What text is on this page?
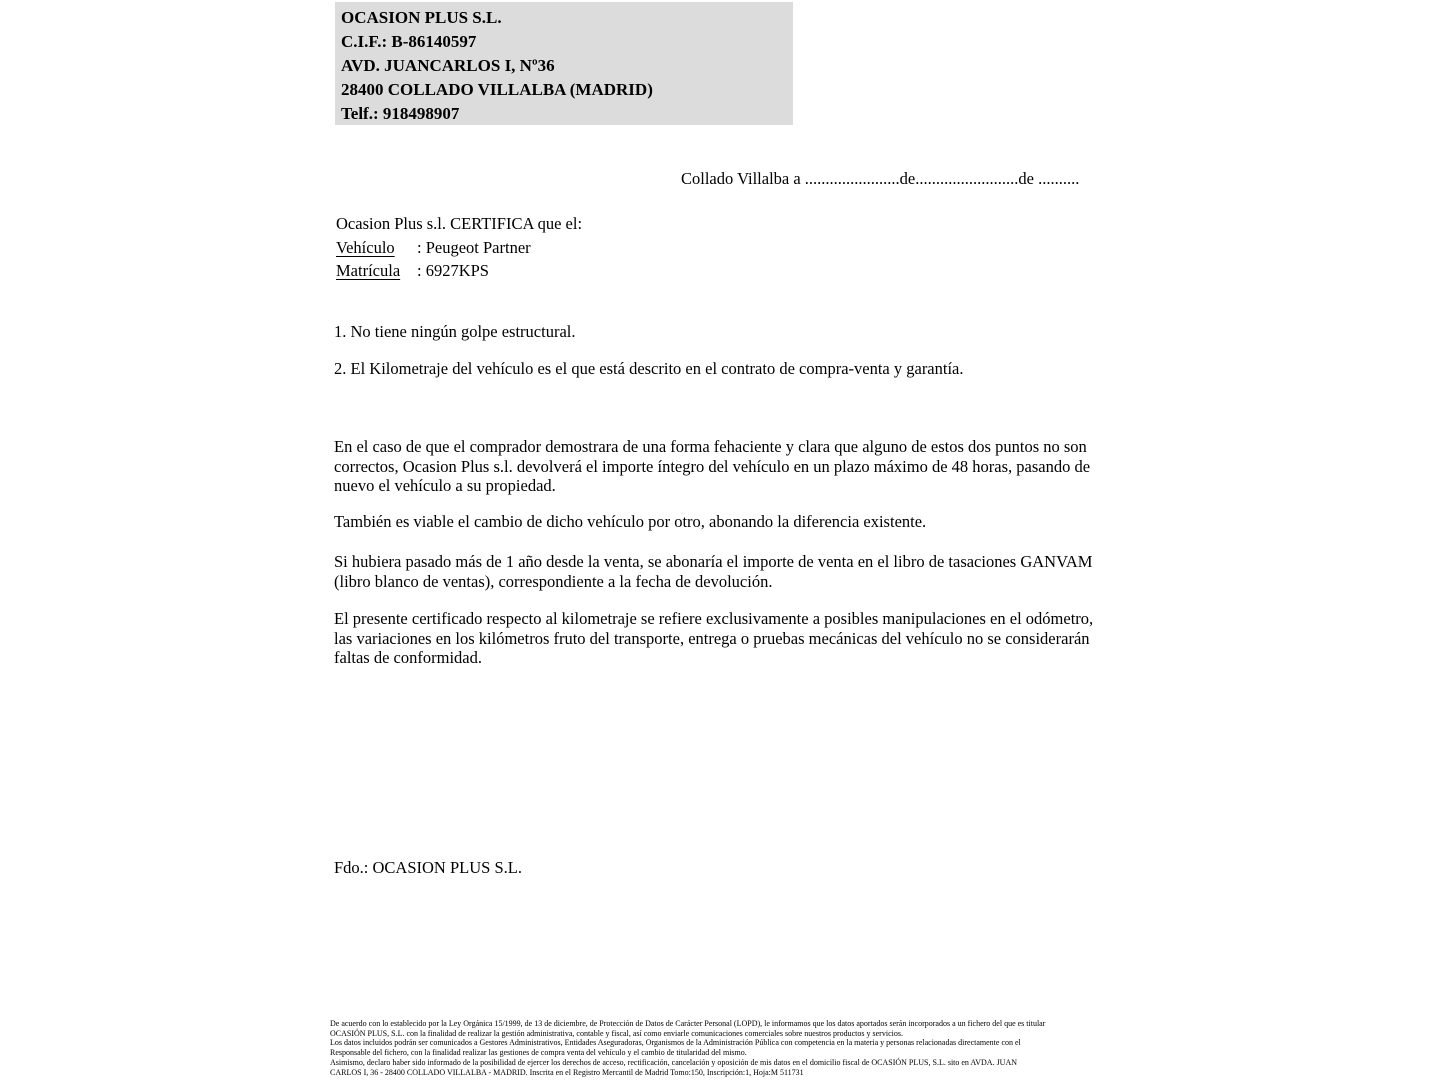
OCASION PLUS S.L.
C.I.F.: B-86140597
AVD. JUANCARLOS I, Nº36
28400 COLLADO VILLALBA (MADRID)
Telf.: 918498907
Collado Villalba a .......................de.........................de ..........
Ocasion Plus s.l. CERTIFICA que el:
Vehículo : Peugeot Partner
Matrícula : 6927KPS
1. No tiene ningún golpe estructural.
2. El Kilometraje del vehículo es el que está descrito en el contrato de compra-venta y garantía.
En el caso de que el comprador demostrara de una forma fehaciente y clara que alguno de estos dos puntos no son correctos, Ocasion Plus s.l. devolverá el importe íntegro del vehículo en un plazo máximo de 48 horas, pasando de nuevo el vehículo a su propiedad.
También es viable el cambio de dicho vehículo por otro, abonando la diferencia existente.
Si hubiera pasado más de 1 año desde la venta, se abonaría el importe de venta en el libro de tasaciones GANVAM (libro blanco de ventas), correspondiente a la fecha de devolución.
El presente certificado respecto al kilometraje se refiere exclusivamente a posibles manipulaciones en el odómetro, las variaciones en los kilómetros fruto del transporte, entrega o pruebas mecánicas del vehículo no se considerarán faltas de conformidad.
Fdo.: OCASION PLUS S.L.
De acuerdo con lo establecido por la Ley Orgánica 15/1999, de 13 de diciembre, de Protección de Datos de Carácter Personal (LOPD), le informamos que los datos aportados serán incorporados a un fichero del que es titular
OCASIÓN PLUS, S.L. con la finalidad de realizar la gestión administrativa, contable y fiscal, así como enviarle comunicaciones comerciales sobre nuestros productos y servicios.
Los datos incluidos podrán ser comunicados a Gestores Administrativos, Entidades Aseguradoras, Organismos de la Administración Pública con competencia en la materia y personas relacionadas directamente con el
Responsable del fichero, con la finalidad realizar las gestiones de compra venta del vehículo y el cambio de titularidad del mismo.
Asimismo, declaro haber sido informado de la posibilidad de ejercer los derechos de acceso, rectificación, cancelación y oposición de mis datos en el domicilio fiscal de OCASIÓN PLUS, S.L. sito en AVDA. JUAN
CARLOS I, 36 - 28400 COLLADO VILLALBA - MADRID. Inscrita en el Registro Mercantil de Madrid Tomo:150, Inscripción:1, Hoja:M 511731
